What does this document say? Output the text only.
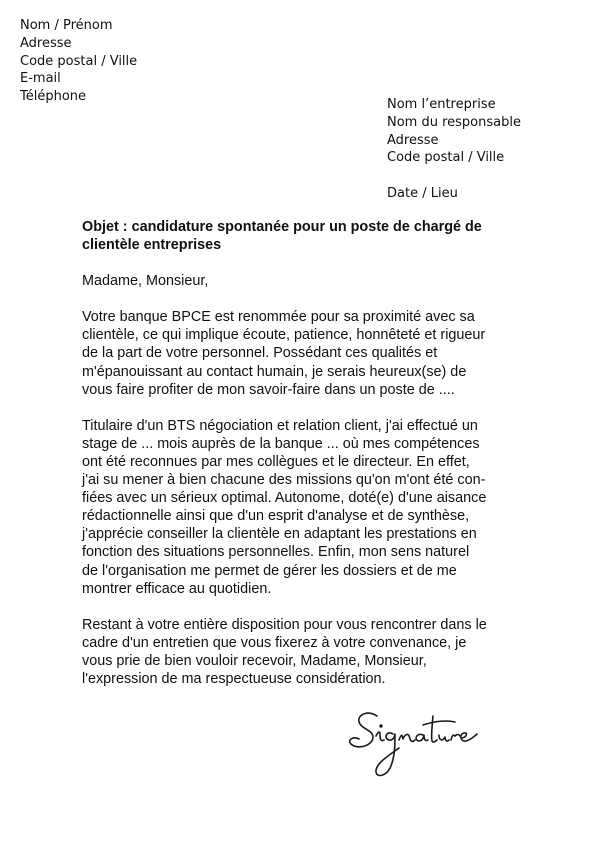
Nom / Prénom
Adresse
Code postal / Ville
E-mail
Téléphone
Nom l’entreprise
Nom du responsable
Adresse
Code postal / Ville
Date / Lieu
Objet : candidature spontanée pour un poste de chargé de
clientèle entreprises
Madame, Monsieur,
Votre banque BPCE est renommée pour sa proximité avec sa
clientèle, ce qui implique écoute, patience, honnêteté et rigueur
de la part de votre personnel. Possédant ces qualités et
m'épanouissant au contact humain, je serais heureux(se) de
vous faire profiter de mon savoir-faire dans un poste de ....
Titulaire d'un BTS négociation et relation client, j'ai effectué un
stage de ... mois auprès de la banque ... où mes compétences
ont été reconnues par mes collègues et le directeur. En effet,
j'ai su mener à bien chacune des missions qu'on m'ont été con-
fiées avec un sérieux optimal. Autonome, doté(e) d'une aisance
rédactionnelle ainsi que d'un esprit d'analyse et de synthèse,
j'apprécie conseiller la clientèle en adaptant les prestations en
fonction des situations personnelles. Enfin, mon sens naturel
de l'organisation me permet de gérer les dossiers et de me
montrer efficace au quotidien.
Restant à votre entière disposition pour vous rencontrer dans le
cadre d'un entretien que vous fixerez à votre convenance, je
vous prie de bien vouloir recevoir, Madame, Monsieur,
l'expression de ma respectueuse considération.
